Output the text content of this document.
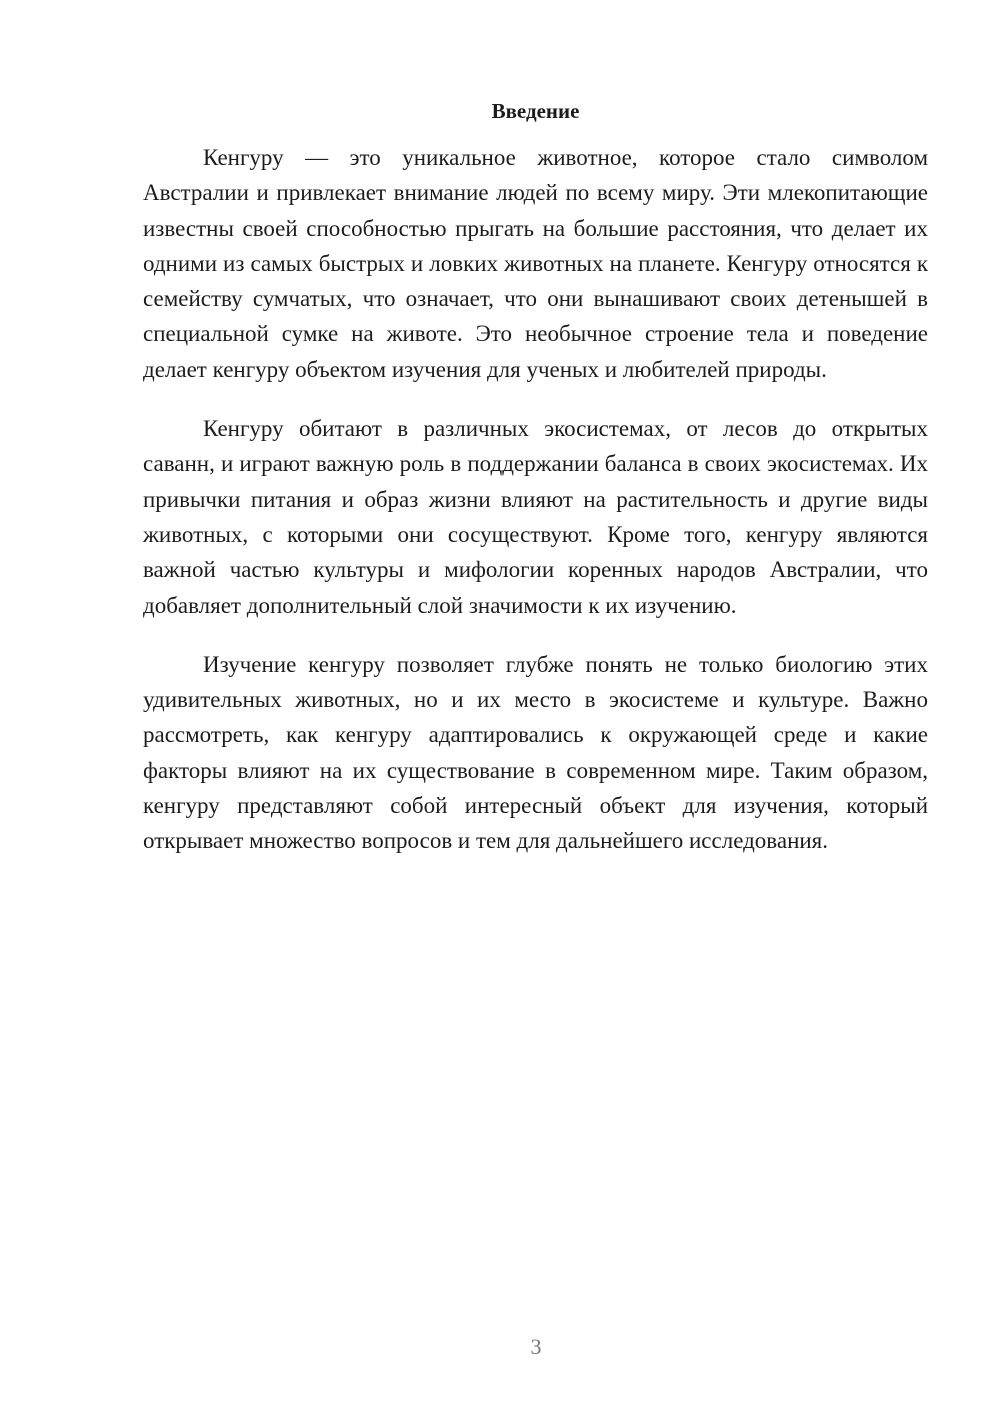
Введение

Кенгуру — это уникальное животное, которое стало символом Австралии и привлекает внимание людей по всему миру. Эти млекопитающие известны своей способностью прыгать на большие расстояния, что делает их одними из самых быстрых и ловких животных на планете. Кенгуру относятся к семейству сумчатых, что означает, что они вынашивают своих детенышей в специальной сумке на животе. Это необычное строение тела и поведение делает кенгуру объектом изучения для ученых и любителей природы.

Кенгуру обитают в различных экосистемах, от лесов до открытых саванн, и играют важную роль в поддержании баланса в своих экосистемах. Их привычки питания и образ жизни влияют на растительность и другие виды животных, с которыми они сосуществуют. Кроме того, кенгуру являются важной частью культуры и мифологии коренных народов Австралии, что добавляет дополнительный слой значимости к их изучению.

Изучение кенгуру позволяет глубже понять не только биологию этих удивительных животных, но и их место в экосистеме и культуре. Важно рассмотреть, как кенгуру адаптировались к окружающей среде и какие факторы влияют на их существование в современном мире. Таким образом, кенгуру представляют собой интересный объект для изучения, который открывает множество вопросов и тем для дальнейшего исследования.

3
